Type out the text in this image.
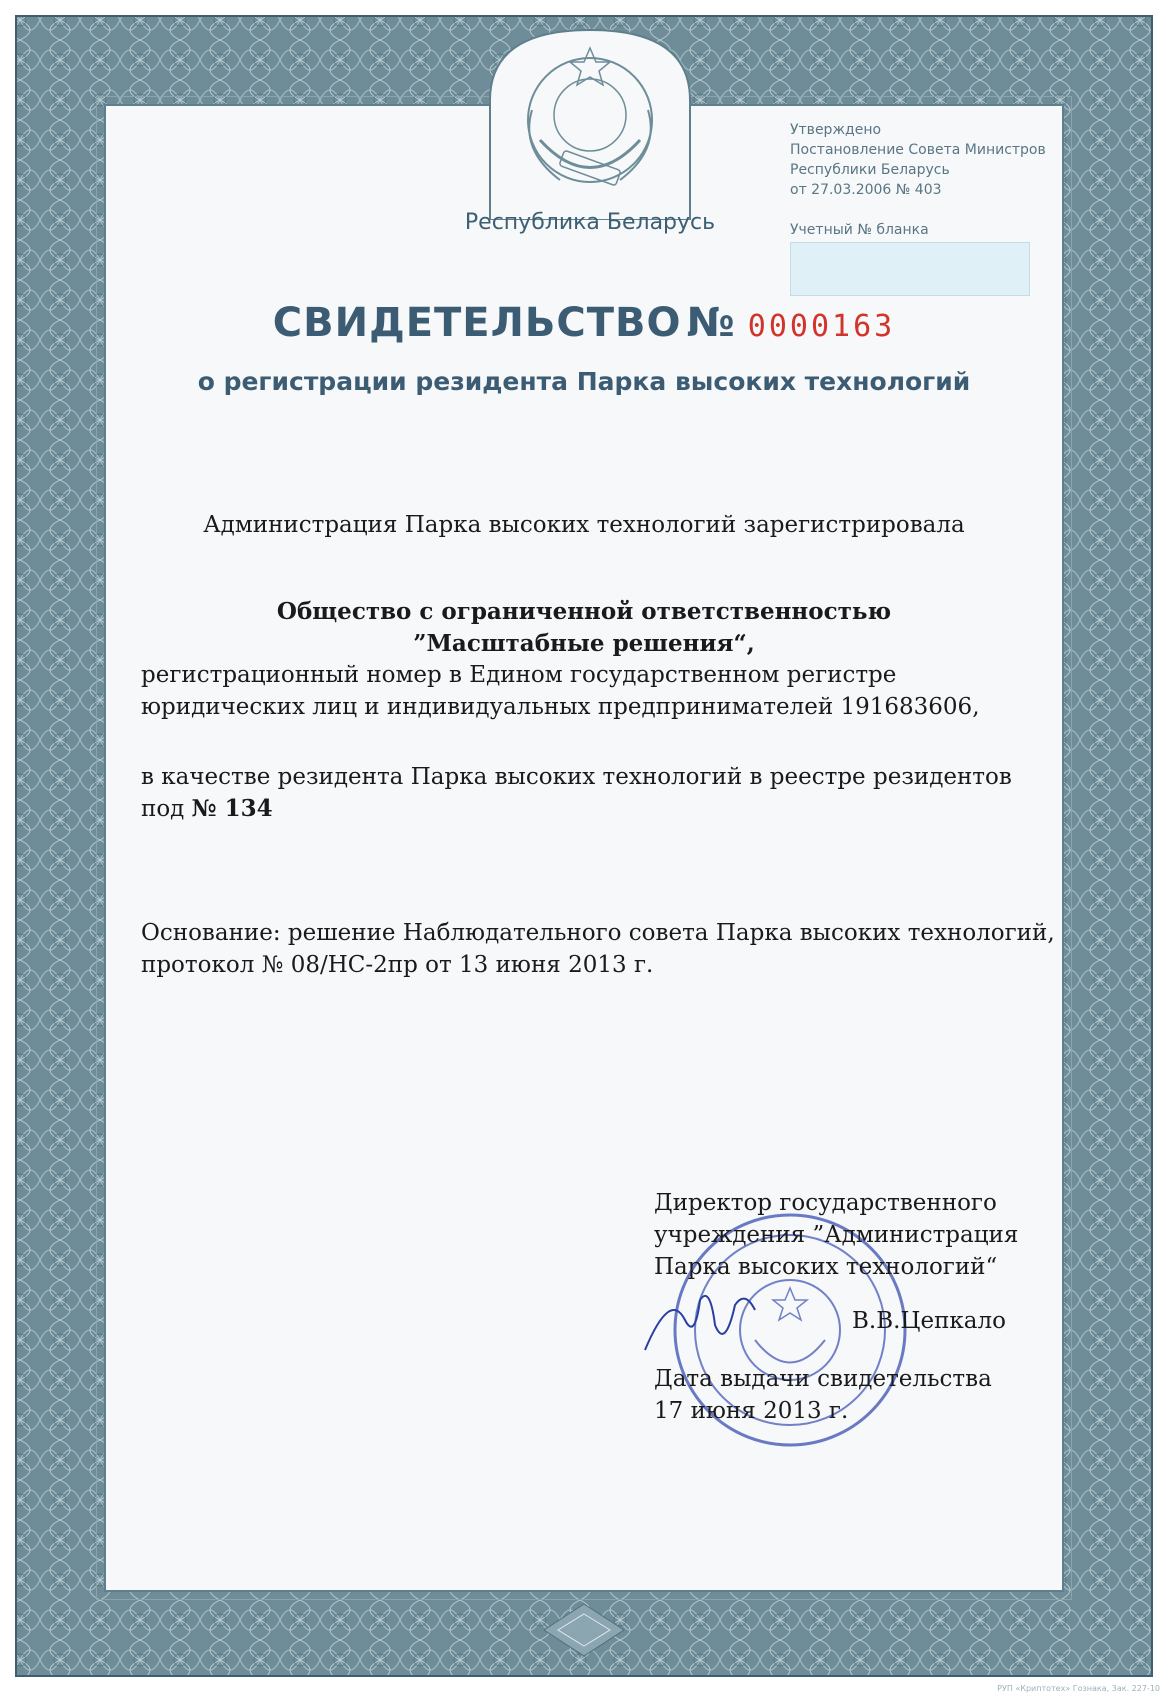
Республика Беларусь
Утверждено
Постановление Совета Министров
Республики Беларусь
от 27.03.2006 № 403
Учетный № бланка
СВИДЕТЕЛЬСТВО № 0000163
о регистрации резидента Парка высоких технологий
Администрация Парка высоких технологий зарегистрировала
Общество с ограниченной ответственностью
”Масштабные решения“,
регистрационный номер в Едином государственном регистре
юридических лиц и индивидуальных предпринимателей 191683606,
в качестве резидента Парка высоких технологий в реестре резидентов
под № 134
Основание: решение Наблюдательного совета Парка высоких технологий,
протокол № 08/НС-2пр от 13 июня 2013 г.
Директор государственного
учреждения ”Администрация
Парка высоких технологий“
В.В.Цепкало
Дата выдачи свидетельства
17 июня 2013 г.
РУП «Криптотех» Гознака, 3ак. 227-10
